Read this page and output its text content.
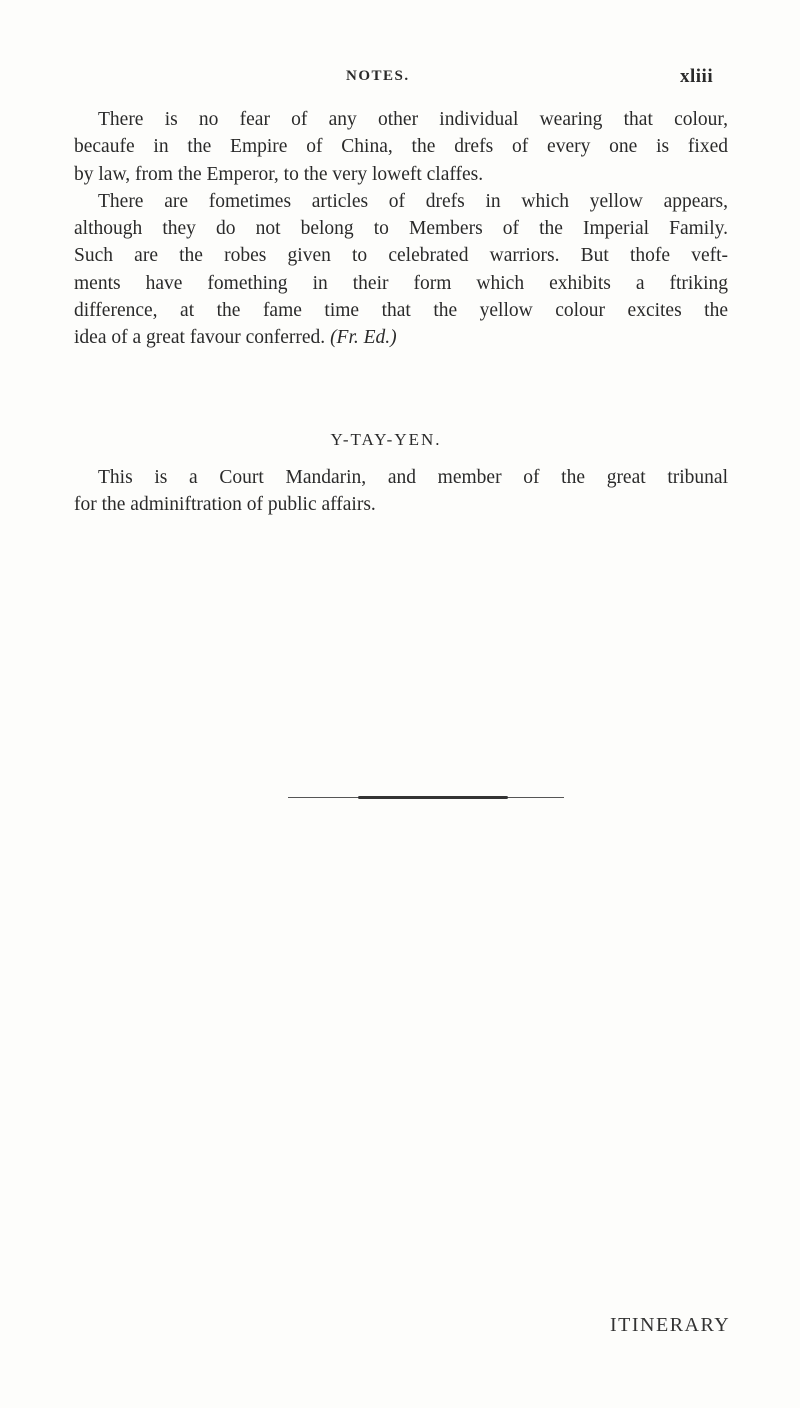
NOTES.	xliii
There is no fear of any other individual wearing that colour,
becaufe in the Empire of China, the drefs of every one is fixed
by law, from the Emperor, to the very loweft claffes.
There are fometimes articles of drefs in which yellow appears,
although they do not belong to Members of the Imperial Family.
Such are the robes given to celebrated warriors. But thofe veft-
ments have fomething in their form which exhibits a ftriking
difference, at the fame time that the yellow colour excites the
idea of a great favour conferred. (Fr. Ed.)
Y-TAY-YEN.
This is a Court Mandarin, and member of the great tribunal
for the adminiftration of public affairs.
ITINERARY
